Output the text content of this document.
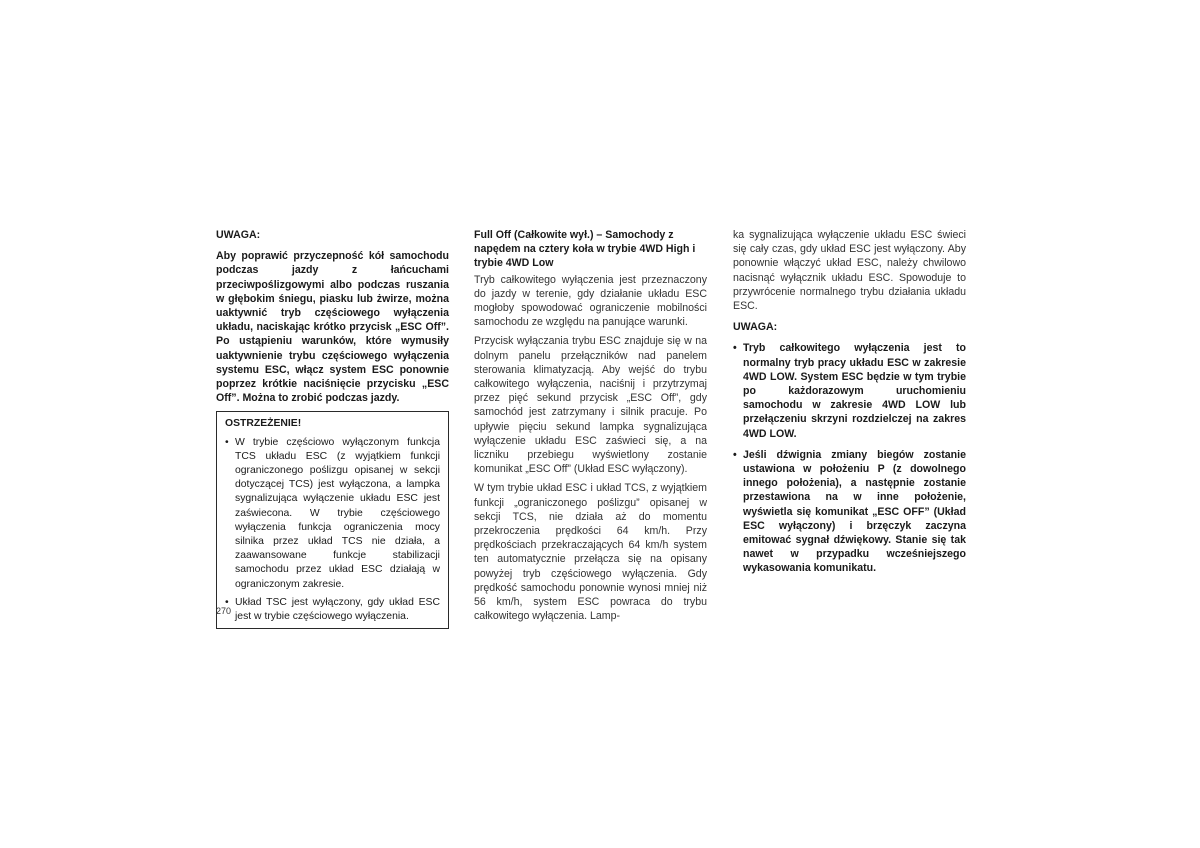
UWAGA:

Aby poprawić przyczepność kół samochodu podczas jazdy z łańcuchami przeciwpoślizgowymi albo podczas ruszania w głębokim śniegu, piasku lub żwirze, można uaktywnić tryb częściowego wyłączenia układu, naciskając krótko przycisk „ESC Off”. Po ustąpieniu warunków, które wymusiły uaktywnienie trybu częściowego wyłączenia systemu ESC, włącz system ESC ponownie poprzez krótkie naciśnięcie przycisku „ESC Off”. Można to zrobić podczas jazdy.

OSTRZEŻENIE!

• W trybie częściowo wyłączonym funkcja TCS układu ESC (z wyjątkiem funkcji ograniczonego poślizgu opisanej w sekcji dotyczącej TCS) jest wyłączona, a lampka sygnalizująca wyłączenie układu ESC jest zaświecona. W trybie częściowego wyłączenia funkcja ograniczenia mocy silnika przez układ TCS nie działa, a zaawansowane funkcje stabilizacji samochodu przez układ ESC działają w ograniczonym zakresie.

• Układ TSC jest wyłączony, gdy układ ESC jest w trybie częściowego wyłączenia.

Full Off (Całkowite wył.) – Samochody z napędem na cztery koła w trybie 4WD High i trybie 4WD Low

Tryb całkowitego wyłączenia jest przeznaczony do jazdy w terenie, gdy działanie układu ESC mogłoby spowodować ograniczenie mobilności samochodu ze względu na panujące warunki.

Przycisk wyłączania trybu ESC znajduje się w na dolnym panelu przełączników nad panelem sterowania klimatyzacją. Aby wejść do trybu całkowitego wyłączenia, naciśnij i przytrzymaj przez pięć sekund przycisk „ESC Off”, gdy samochód jest zatrzymany i silnik pracuje. Po upływie pięciu sekund lampka sygnalizująca wyłączenie układu ESC zaświeci się, a na liczniku przebiegu wyświetlony zostanie komunikat „ESC Off” (Układ ESC wyłączony).

W tym trybie układ ESC i układ TCS, z wyjątkiem funkcji „ograniczonego poślizgu” opisanej w sekcji TCS, nie działa aż do momentu przekroczenia prędkości 64 km/h. Przy prędkościach przekraczających 64 km/h system ten automatycznie przełącza się na opisany powyżej tryb częściowego wyłączenia. Gdy prędkość samochodu ponownie wynosi mniej niż 56 km/h, system ESC powraca do trybu całkowitego wyłączenia. Lamp-

ka sygnalizująca wyłączenie układu ESC świeci się cały czas, gdy układ ESC jest wyłączony. Aby ponownie włączyć układ ESC, należy chwilowo nacisnąć wyłącznik układu ESC. Spowoduje to przywrócenie normalnego trybu działania układu ESC.

UWAGA:

• Tryb całkowitego wyłączenia jest to normalny tryb pracy układu ESC w zakresie 4WD LOW. System ESC będzie w tym trybie po każdorazowym uruchomieniu samochodu w zakresie 4WD LOW lub przełączeniu skrzyni rozdzielczej na zakres 4WD LOW.

• Jeśli dźwignia zmiany biegów zostanie ustawiona w położeniu P (z dowolnego innego położenia), a następnie zostanie przestawiona na w inne położenie, wyświetla się komunikat „ESC OFF” (Układ ESC wyłączony) i brzęczyk zaczyna emitować sygnał dźwiękowy. Stanie się tak nawet w przypadku wcześniejszego wykasowania komunikatu.

270
